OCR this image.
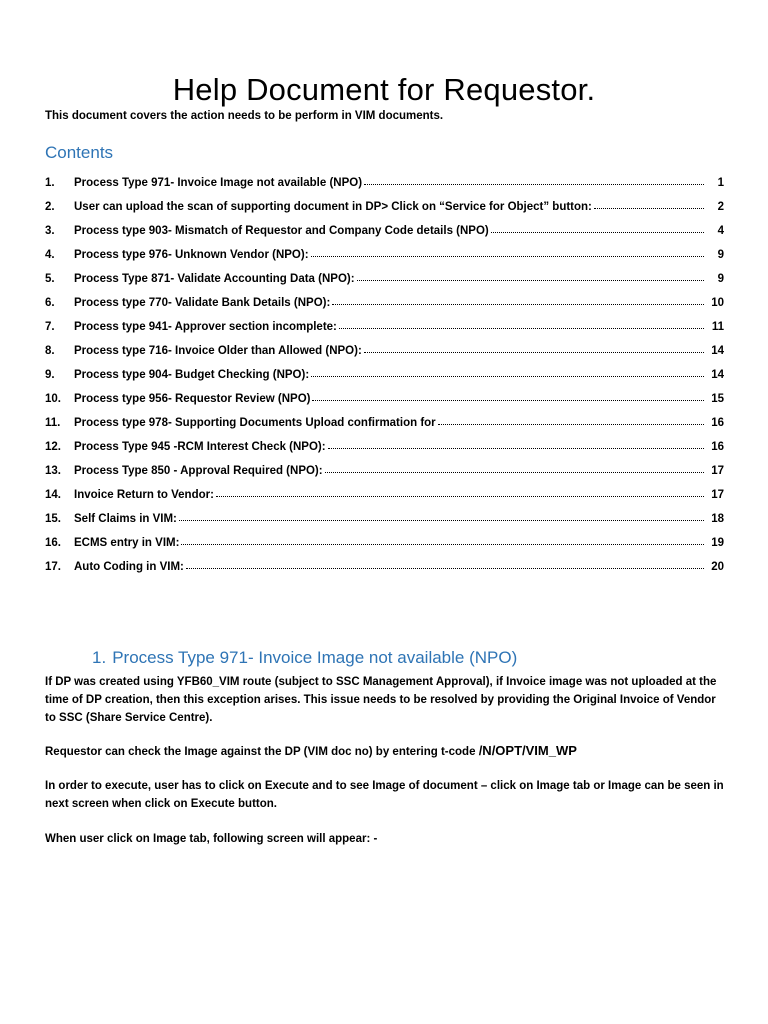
Help Document for Requestor.

This document covers the action needs to be perform in VIM documents.

Contents
1.	Process Type 971- Invoice Image not available (NPO)	1
2.	User can upload the scan of supporting document in DP> Click on “Service for Object” button:	2
3.	Process type 903- Mismatch of Requestor and Company Code details (NPO)	4
4.	Process type 976- Unknown Vendor (NPO):	9
5.	Process Type 871- Validate Accounting Data (NPO):	9
6.	Process type 770- Validate Bank Details (NPO):	10
7.	Process type 941- Approver section incomplete:	11
8.	Process type 716- Invoice Older than Allowed (NPO):	14
9.	Process type 904- Budget Checking (NPO):	14
10.	Process type 956- Requestor Review (NPO)	15
11.	Process type 978- Supporting Documents Upload confirmation for	16
12.	Process Type 945 -RCM Interest Check (NPO):	16
13.	Process Type 850 - Approval Required (NPO):	17
14.	Invoice Return to Vendor:	17
15.	Self Claims in VIM:	18
16.	ECMS entry in VIM:	19
17.	Auto Coding in VIM:	20
1. Process Type 971- Invoice Image not available (NPO)

If DP was created using YFB60_VIM route (subject to SSC Management Approval), if Invoice image was not uploaded at the time of DP creation, then this exception arises. This issue needs to be resolved by providing the Original Invoice of Vendor to SSC (Share Service Centre).

Requestor can check the Image against the DP (VIM doc no) by entering t-code /N/OPT/VIM_WP

In order to execute, user has to click on Execute and to see Image of document – click on Image tab or Image can be seen in next screen when click on Execute button.

When user click on Image tab, following screen will appear: -
